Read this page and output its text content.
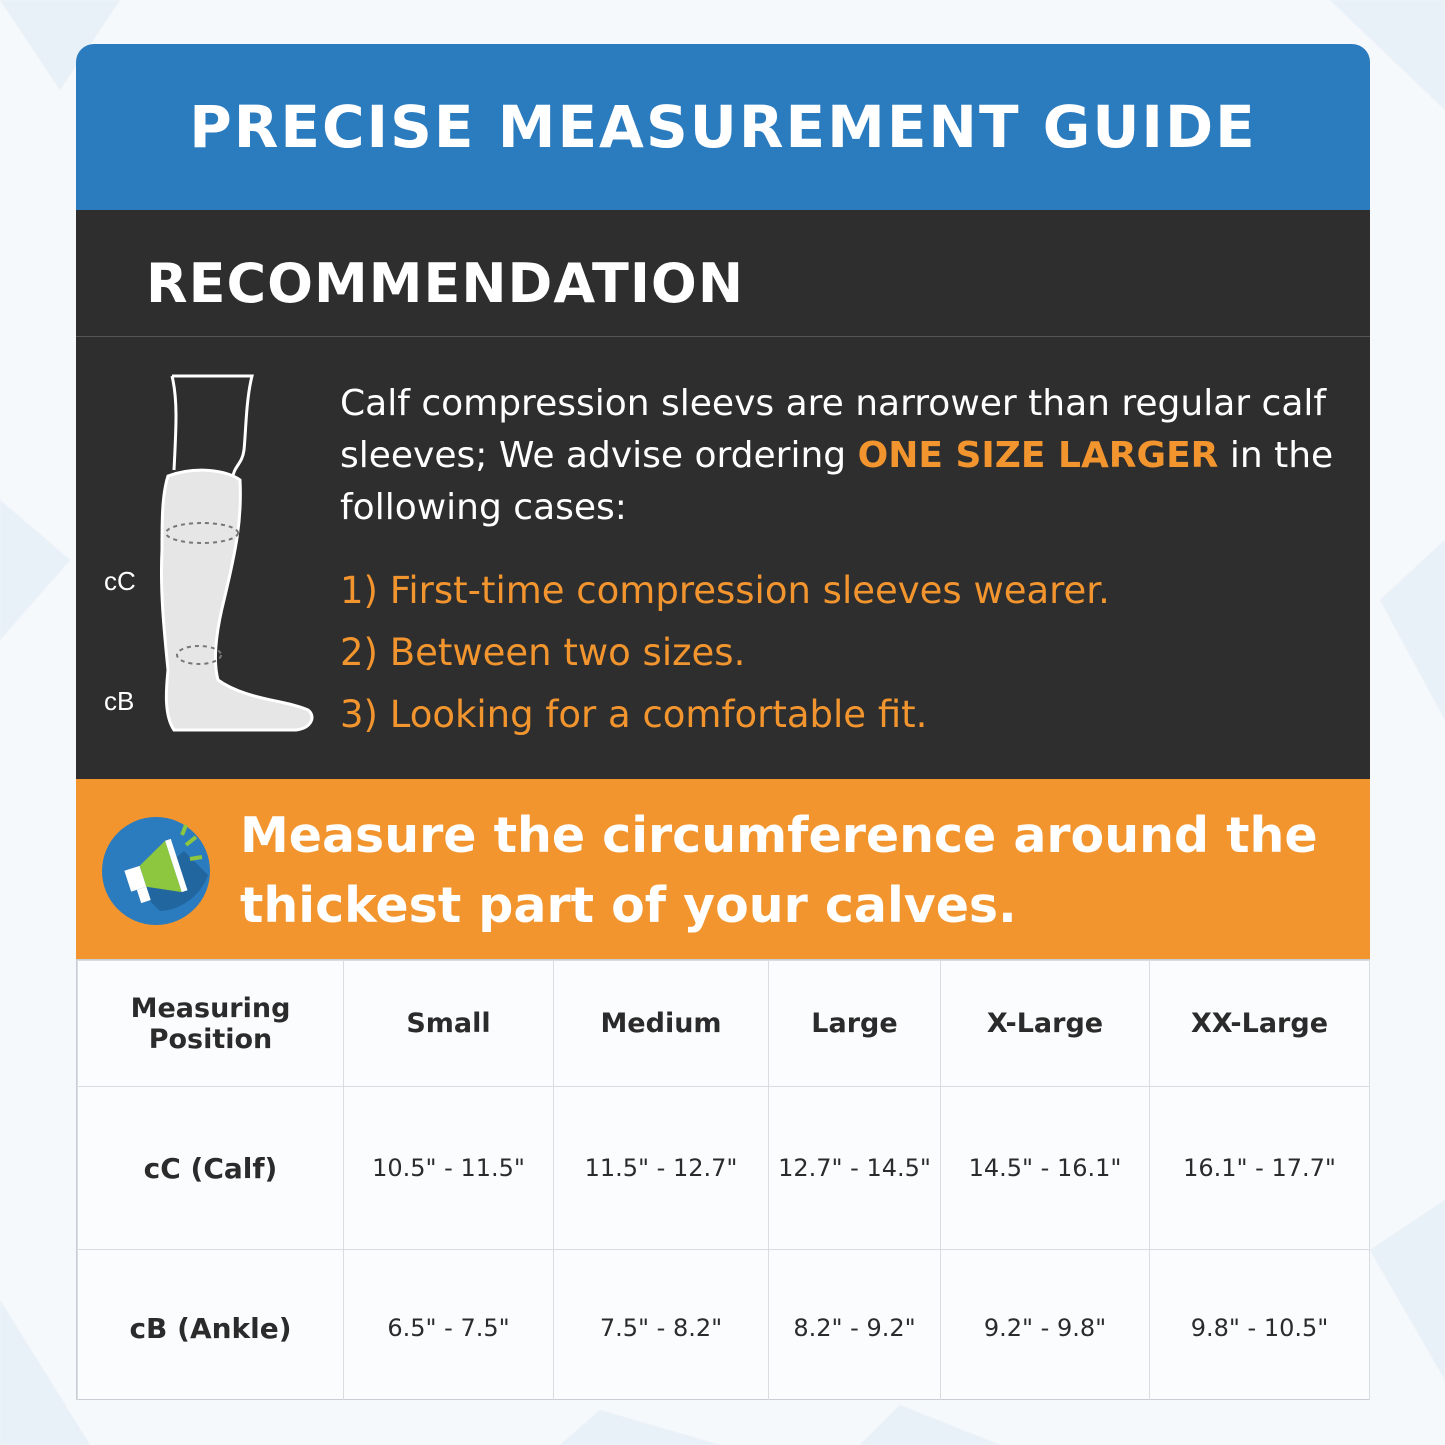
PRECISE MEASUREMENT GUIDE
RECOMMENDATION
cC
cB
Calf compression sleevs are narrower than regular calf sleeves; We advise ordering ONE SIZE LARGER in the following cases:
1) First-time compression sleeves wearer.
2) Between two sizes.
3) Looking for a comfortable fit.
Measure the circumference around the thickest part of your calves.
Measuring Position	Small	Medium	Large	X-Large	XX-Large
cC (Calf)	10.5" - 11.5"	11.5" - 12.7"	12.7" - 14.5"	14.5" - 16.1"	16.1" - 17.7"
cB (Ankle)	6.5" - 7.5"	7.5" - 8.2"	8.2" - 9.2"	9.2" - 9.8"	9.8" - 10.5"
